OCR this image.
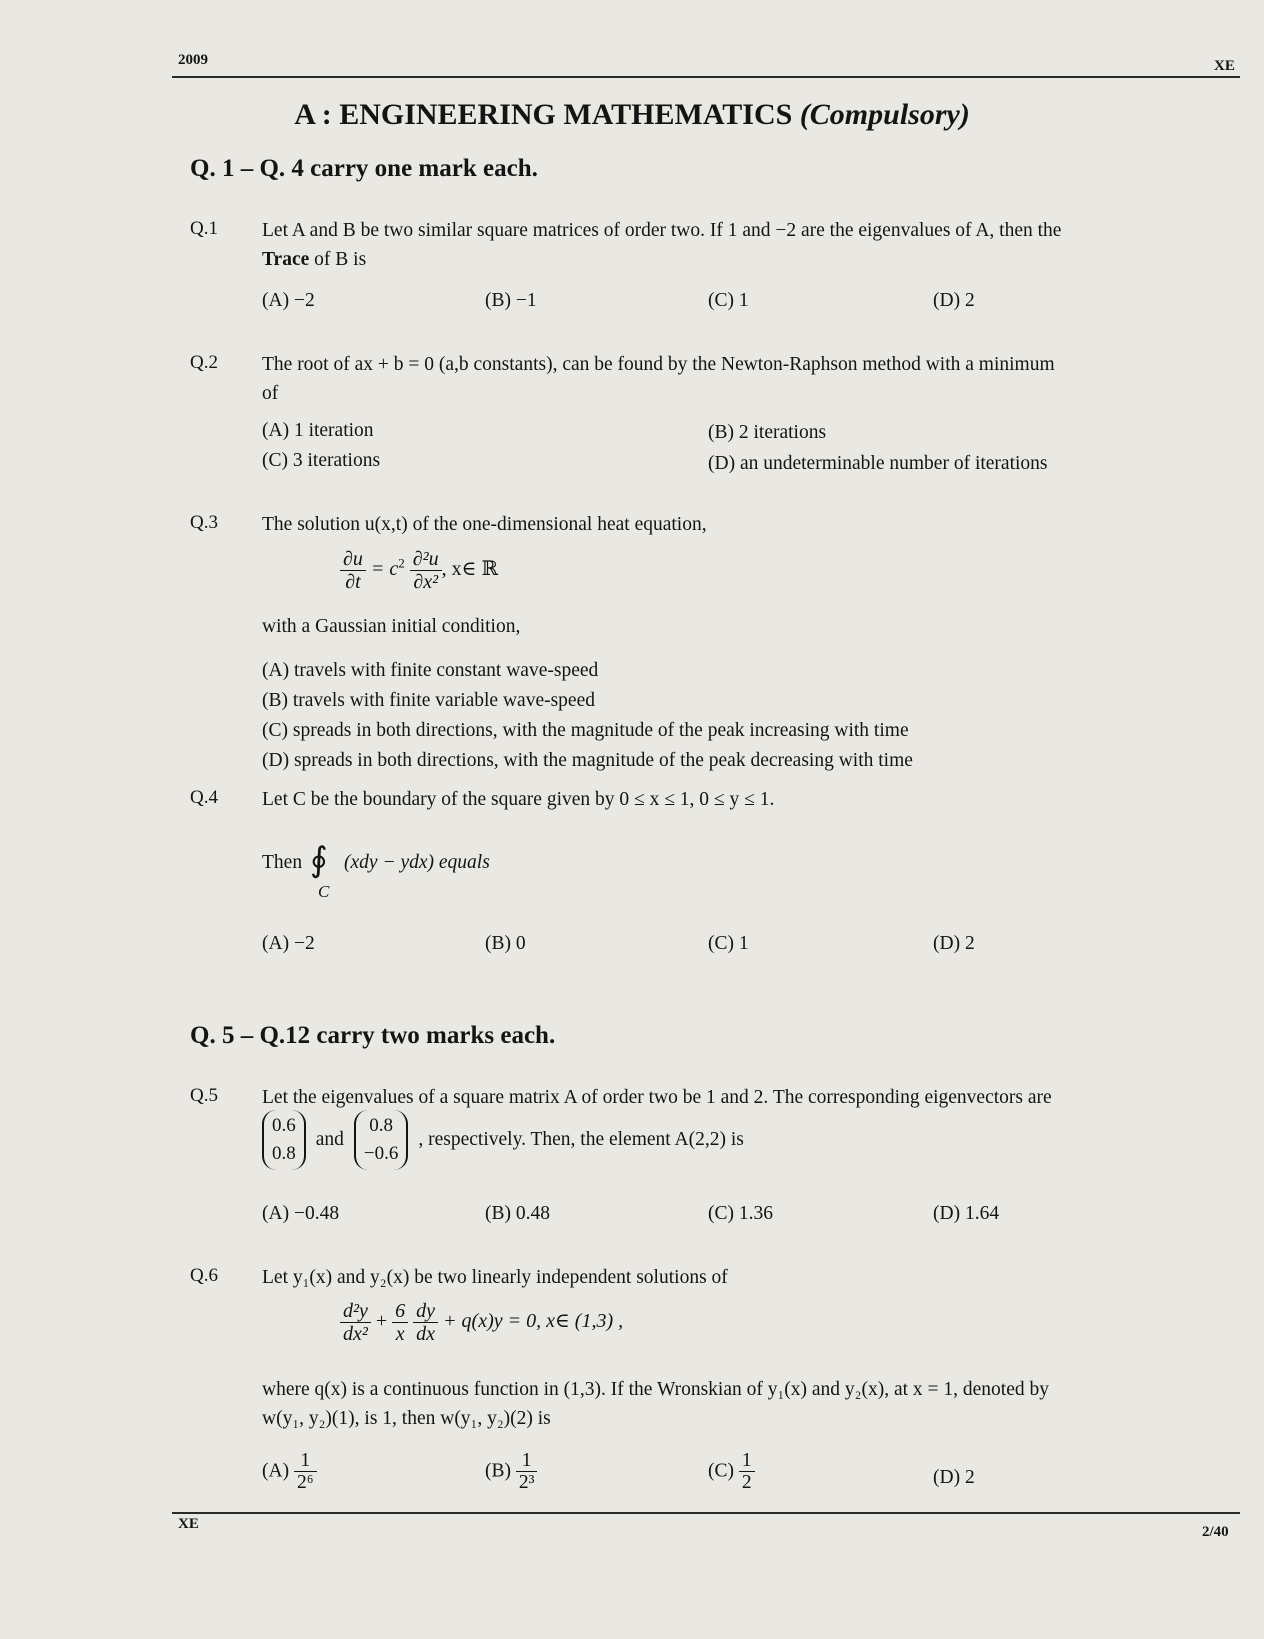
2009	XE
A : ENGINEERING MATHEMATICS (Compulsory)
Q. 1 – Q. 4 carry one mark each.
Q.1 Let A and B be two similar square matrices of order two. If 1 and −2 are the eigenvalues of A, then the
Trace of B is
(A) −2	(B) −1	(C) 1	(D) 2
Q.2 The root of ax + b = 0 (a,b constants), can be found by the Newton-Raphson method with a minimum
of
(A) 1 iteration	(B) 2 iterations
(C) 3 iterations	(D) an undeterminable number of iterations
Q.3 The solution u(x,t) of the one-dimensional heat equation,
$\frac{\partial u}{\partial t} = c^2 \frac{\text{∂²u}}{\text{∂x²}}$ , x∈ ℝ
with a Gaussian initial condition,
(A) travels with finite constant wave-speed
(B) travels with finite variable wave-speed
(C) spreads in both directions, with the magnitude of the peak increasing with time
(D) spreads in both directions, with the magnitude of the peak decreasing with time
Q.4 Let C be the boundary of the square given by 0 ≤ x ≤ 1, 0 ≤ y ≤ 1.
Then ∮
C
(xdy − ydx) equals
(A) −2	(B) 0	(C) 1	(D) 2
Q. 5 – Q.12 carry two marks each.
Q.5 Let the eigenvalues of a square matrix A of order two be 1 and 2. The corresponding eigenvectors are
0.6
0.8
and
0.8
−0.6
, respectively. Then, the element A(2,2) is
(A) −0.48	(B) 0.48	(C) 1.36	(D) 1.64
Q.6 Let y₁(x) and y₂(x) be two linearly independent solutions of
$\frac{\text{d²y}}{\text{dx²}} + \frac{6}{x}$
$\frac{dy}{dx} + q(x)y = 0$, x∈ (1,3) ,
where q(x) is a continuous function in (1,3). If the Wronskian of y₁(x) and y₂(x), at x = 1, denoted by
w(y₁, y₂)(1), is 1, then w(y₁, y₂)(2) is
$(A) \frac{1}{\text{2⁶}}$	$(B) \frac{1}{\text{2³}}$	$(C) \frac{1}{2}$	(D) 2
XE	2/40
